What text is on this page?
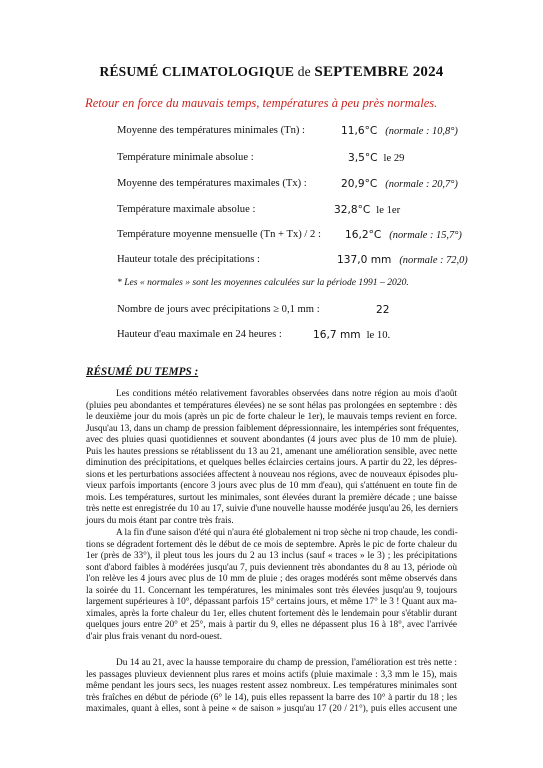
RÉSUMÉ CLIMATOLOGIQUE de SEPTEMBRE 2024
Retour en force du mauvais temps, températures à peu près normales.
Moyenne des températures minimales (Tn) :	11,6°C (normale : 10,8°)
Température minimale absolue :	3,5°C le 29
Moyenne des températures maximales (Tx) :	20,9°C (normale : 20,7°)
Température maximale absolue :	32,8°C le 1er
Température moyenne mensuelle (Tn + Tx) / 2 : 16,2°C (normale : 15,7°)
Hauteur totale des précipitations :	137,0 mm (normale : 72,0)
* Les « normales » sont les moyennes calculées sur la période 1991 – 2020.
Nombre de jours avec précipitations ≥ 0,1 mm :	22
Hauteur d'eau maximale en 24 heures :	16,7 mm le 10.
RÉSUMÉ DU TEMPS :
Les conditions météo relativement favorables observées dans notre région au mois d'août
(pluies peu abondantes et températures élevées) ne se sont hélas pas prolongées en septembre : dès
le deuxième jour du mois (après un pic de forte chaleur le 1er), le mauvais temps revient en force.
Jusqu'au 13, dans un champ de pression faiblement dépressionnaire, les intempéries sont fréquentes,
avec des pluies quasi quotidiennes et souvent abondantes (4 jours avec plus de 10 mm de pluie).
Puis les hautes pressions se rétablissent du 13 au 21, amenant une amélioration sensible, avec nette
diminution des précipitations, et quelques belles éclaircies certains jours. A partir du 22, les dépres-
sions et les perturbations associées affectent à nouveau nos régions, avec de nouveaux épisodes plu-
vieux parfois importants (encore 3 jours avec plus de 10 mm d'eau), qui s'atténuent en toute fin de
mois. Les températures, surtout les minimales, sont élevées durant la première décade ; une baisse
très nette est enregistrée du 10 au 17, suivie d'une nouvelle hausse modérée jusqu'au 26, les derniers
jours du mois étant par contre très frais.
A la fin d'une saison d'été qui n'aura été globalement ni trop sèche ni trop chaude, les condi-
tions se dégradent fortement dès le début de ce mois de septembre. Après le pic de forte chaleur du
1er (près de 33°), il pleut tous les jours du 2 au 13 inclus (sauf « traces » le 3) ; les précipitations
sont d'abord faibles à modérées jusqu'au 7, puis deviennent très abondantes du 8 au 13, période où
l'on relève les 4 jours avec plus de 10 mm de pluie ; des orages modérés sont même observés dans
la soirée du 11. Concernant les températures, les minimales sont très élevées jusqu'au 9, toujours
largement supérieures à 10°, dépassant parfois 15° certains jours, et même 17° le 3 ! Quant aux ma-
ximales, après la forte chaleur du 1er, elles chutent fortement dès le lendemain pour s'établir durant
quelques jours entre 20° et 25°, mais à partir du 9, elles ne dépassent plus 16 à 18°, avec l'arrivée
d'air plus frais venant du nord-ouest.
Du 14 au 21, avec la hausse temporaire du champ de pression, l'amélioration est très nette :
les passages pluvieux deviennent plus rares et moins actifs (pluie maximale : 3,3 mm le 15), mais
même pendant les jours secs, les nuages restent assez nombreux. Les températures minimales sont
très fraîches en début de période (6° le 14), puis elles repassent la barre des 10° à partir du 18 ; les
maximales, quant à elles, sont à peine « de saison » jusqu'au 17 (20 / 21°), puis elles accusent une
